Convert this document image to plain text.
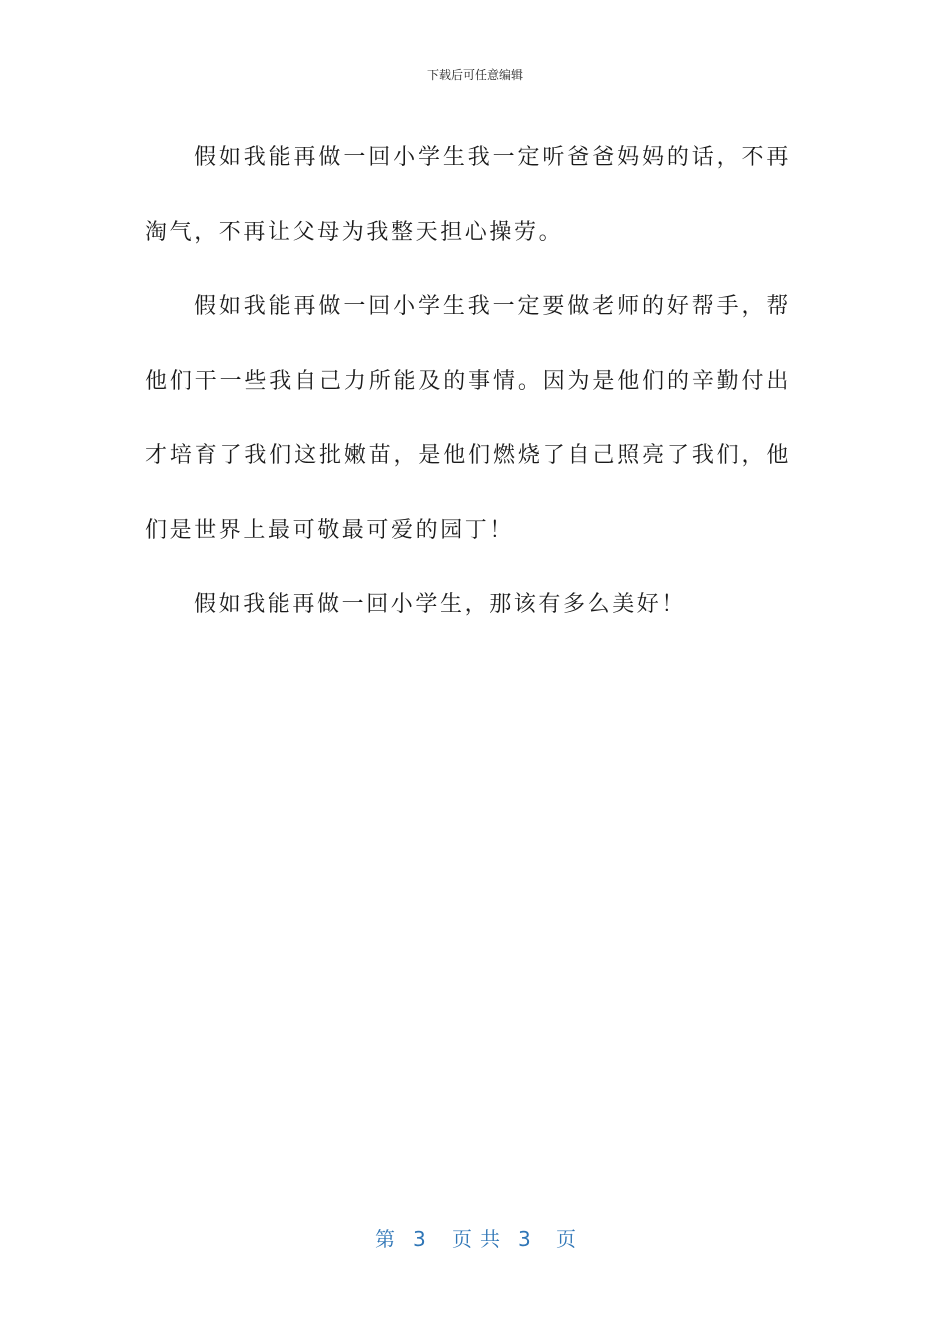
下载后可任意编辑

假如我能再做一回小学生我一定听爸爸妈妈的话，不再淘气，不再让父母为我整天担心操劳。

假如我能再做一回小学生我一定要做老师的好帮手，帮他们干一些我自己力所能及的事情。因为是他们的辛勤付出才培育了我们这批嫩苗，是他们燃烧了自己照亮了我们，他们是世界上最可敬最可爱的园丁！

假如我能再做一回小学生，那该有多么美好！

第 3 页共 3 页
